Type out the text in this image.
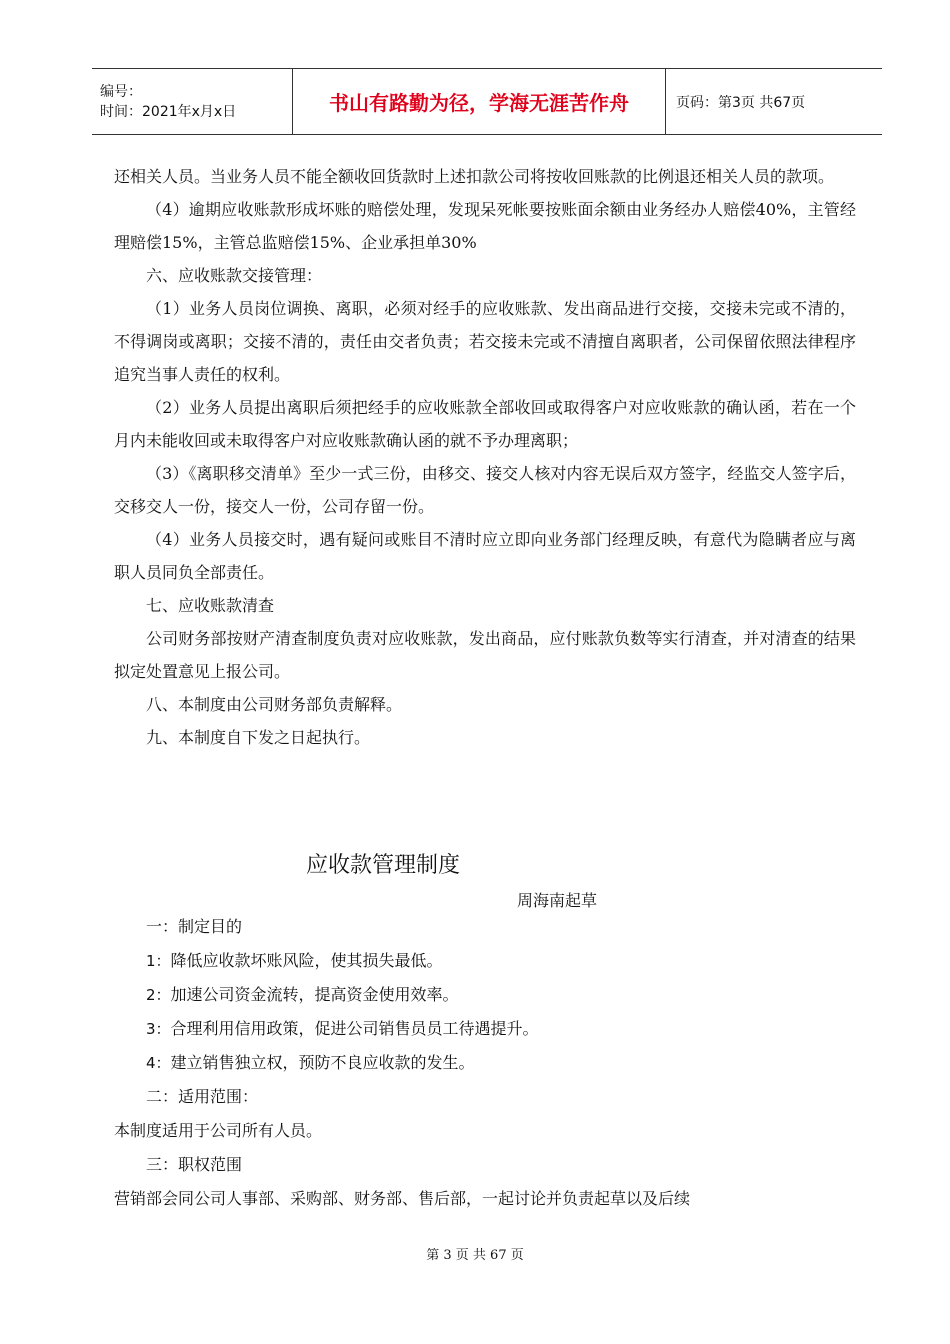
编号：
时间：2021年x月x日	书山有路勤为径，学海无涯苦作舟	页码：第3页 共67页

还相关人员。当业务人员不能全额收回货款时上述扣款公司将按收回账款的比例退还相关人员的款项。

（4）逾期应收账款形成坏账的赔偿处理，发现呆死帐要按账面余额由业务经办人赔偿40%，主管经理赔偿15%，主管总监赔偿15%、企业承担单30%

六、应收账款交接管理：

（1）业务人员岗位调换、离职，必须对经手的应收账款、发出商品进行交接，交接未完或不清的，不得调岗或离职；交接不清的，责任由交者负责；若交接未完或不清擅自离职者，公司保留依照法律程序追究当事人责任的权利。

（2）业务人员提出离职后须把经手的应收账款全部收回或取得客户对应收账款的确认函，若在一个月内未能收回或未取得客户对应收账款确认函的就不予办理离职；

（3）《离职移交清单》至少一式三份，由移交、接交人核对内容无误后双方签字，经监交人签字后，交移交人一份，接交人一份，公司存留一份。

（4）业务人员接交时，遇有疑问或账目不清时应立即向业务部门经理反映，有意代为隐瞒者应与离职人员同负全部责任。

七、应收账款清查

公司财务部按财产清查制度负责对应收账款，发出商品，应付账款负数等实行清查，并对清查的结果拟定处置意见上报公司。

八、本制度由公司财务部负责解释。

九、本制度自下发之日起执行。

应收款管理制度
周海南起草

一：制定目的

1：降低应收款坏账风险，使其损失最低。

2：加速公司资金流转，提高资金使用效率。

3：合理利用信用政策，促进公司销售员员工待遇提升。

4：建立销售独立权，预防不良应收款的发生。

二：适用范围：

本制度适用于公司所有人员。

三：职权范围

营销部会同公司人事部、采购部、财务部、售后部，一起讨论并负责起草以及后续

第 3 页 共 67 页
